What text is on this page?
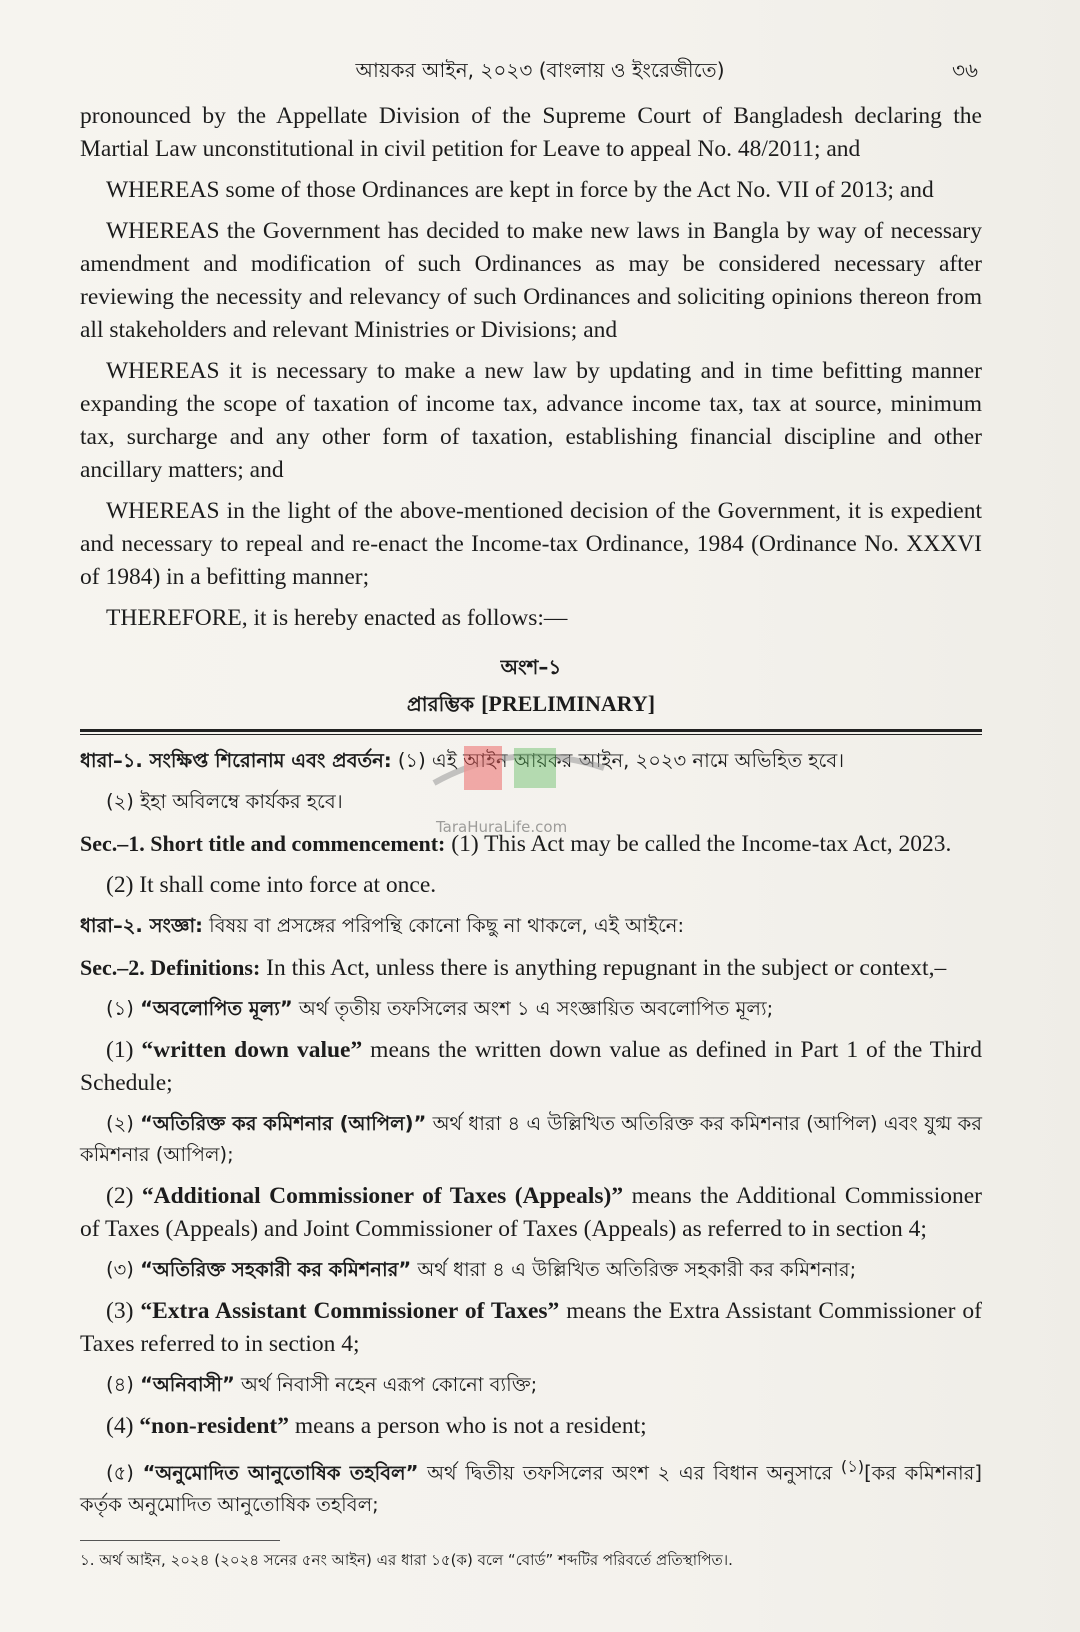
আয়কর আইন, ২০২৩ (বাংলায় ও ইংরেজীতে)	৩৬

pronounced by the Appellate Division of the Supreme Court of Bangladesh declaring the Martial Law unconstitutional in civil petition for Leave to appeal No. 48/2011; and

WHEREAS some of those Ordinances are kept in force by the Act No. VII of 2013; and

WHEREAS the Government has decided to make new laws in Bangla by way of necessary amendment and modification of such Ordinances as may be considered necessary after reviewing the necessity and relevancy of such Ordinances and soliciting opinions thereon from all stakeholders and relevant Ministries or Divisions; and

WHEREAS it is necessary to make a new law by updating and in time befitting manner expanding the scope of taxation of income tax, advance income tax, tax at source, minimum tax, surcharge and any other form of taxation, establishing financial discipline and other ancillary matters; and

WHEREAS in the light of the above-mentioned decision of the Government, it is expedient and necessary to repeal and re-enact the Income-tax Ordinance, 1984 (Ordinance No. XXXVI of 1984) in a befitting manner;

THEREFORE, it is hereby enacted as follows:—

অংশ–১
প্রারম্ভিক [PRELIMINARY]

ধারা–১. সংক্ষিপ্ত শিরোনাম এবং প্রবর্তন: (১) এই আইন আয়কর আইন, ২০২৩ নামে অভিহিত হবে।

(২) ইহা অবিলম্বে কার্যকর হবে।

Sec.–1. Short title and commencement: (1) This Act may be called the Income-tax Act, 2023.

(2) It shall come into force at once.

ধারা–২. সংজ্ঞা: বিষয় বা প্রসঙ্গের পরিপন্থি কোনো কিছু না থাকলে, এই আইনে:

Sec.–2. Definitions: In this Act, unless there is anything repugnant in the subject or context,–

(১) “অবলোপিত মূল্য” অর্থ তৃতীয় তফসিলের অংশ ১ এ সংজ্ঞায়িত অবলোপিত মূল্য;

(1) “written down value” means the written down value as defined in Part 1 of the Third Schedule;

(২) “অতিরিক্ত কর কমিশনার (আপিল)” অর্থ ধারা ৪ এ উল্লিখিত অতিরিক্ত কর কমিশনার (আপিল) এবং যুগ্ম কর কমিশনার (আপিল);

(2) “Additional Commissioner of Taxes (Appeals)” means the Additional Commissioner of Taxes (Appeals) and Joint Commissioner of Taxes (Appeals) as referred to in section 4;

(৩) “অতিরিক্ত সহকারী কর কমিশনার” অর্থ ধারা ৪ এ উল্লিখিত অতিরিক্ত সহকারী কর কমিশনার;

(3) “Extra Assistant Commissioner of Taxes” means the Extra Assistant Commissioner of Taxes referred to in section 4;

(৪) “অনিবাসী” অর্থ নিবাসী নহেন এরূপ কোনো ব্যক্তি;

(4) “non-resident” means a person who is not a resident;

(৫) “অনুমোদিত আনুতোষিক তহবিল” অর্থ দ্বিতীয় তফসিলের অংশ ২ এর বিধান অনুসারে $^{(১)}$[কর কমিশনার] কর্তৃক অনুমোদিত আনুতোষিক তহবিল;

১. অর্থ আইন, ২০২৪ (২০২৪ সনের ৫নং আইন) এর ধারা ১৫(ক) বলে “বোর্ড” শব্দটির পরিবর্তে প্রতিস্থাপিত।.
TaraHuraLife.com
